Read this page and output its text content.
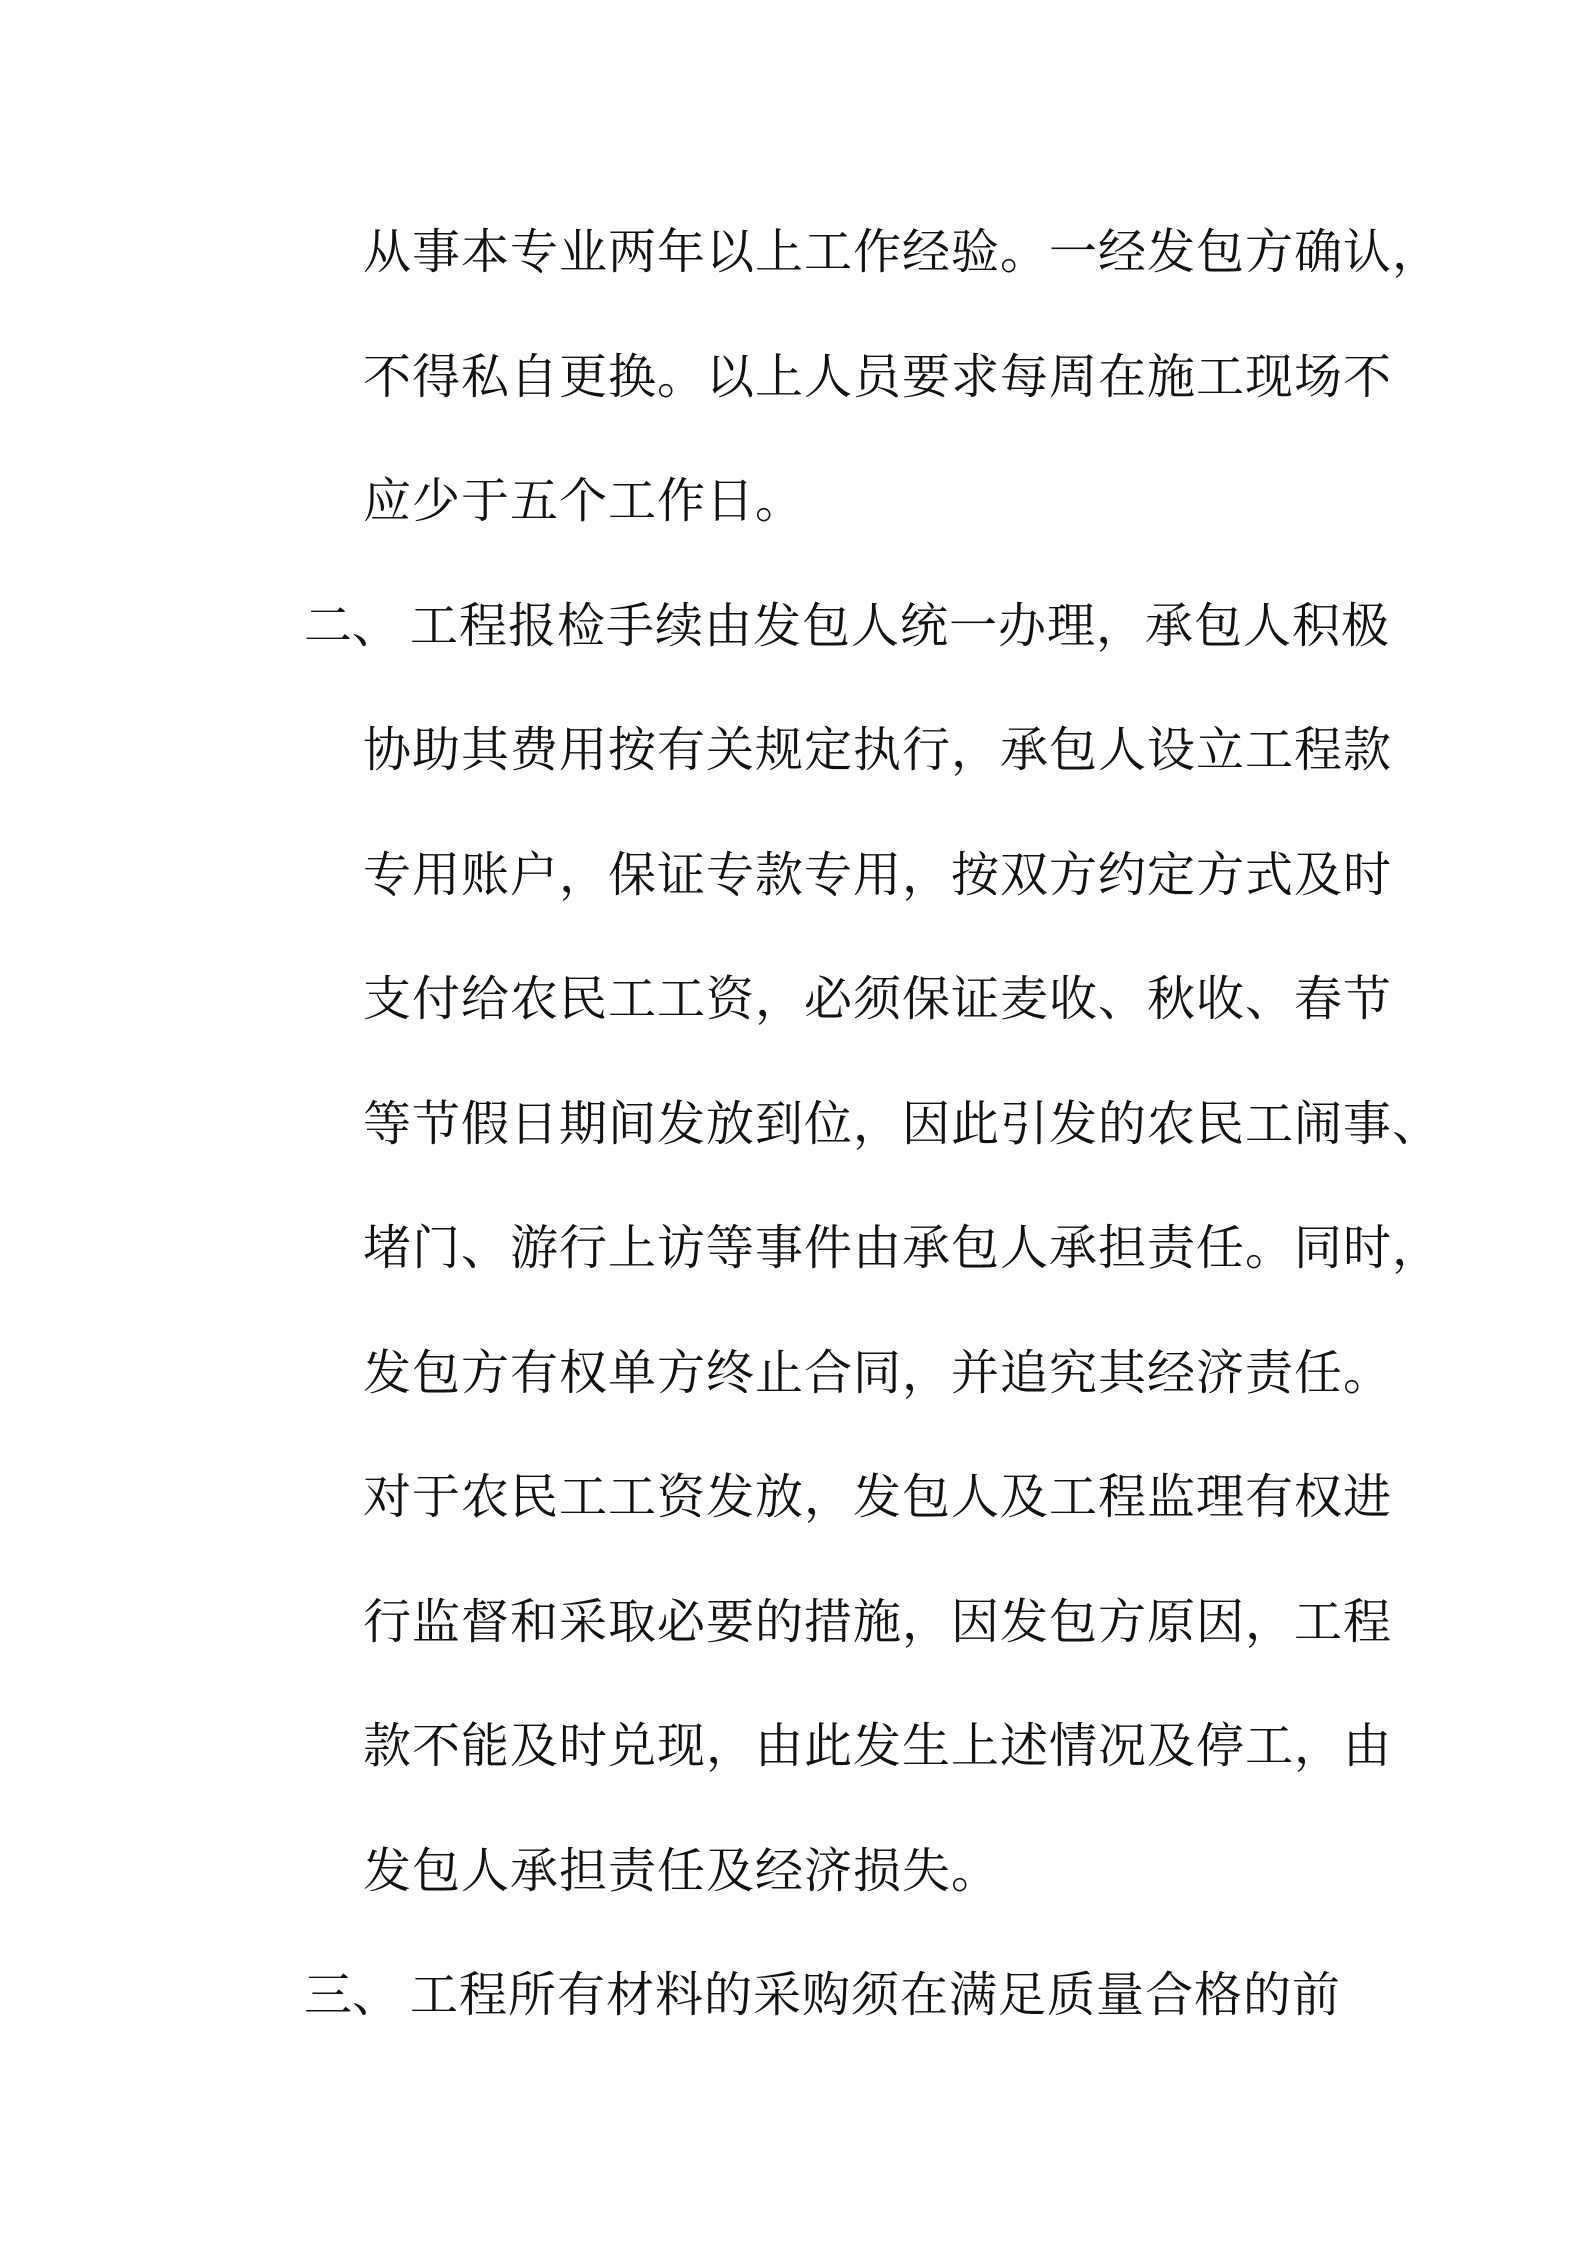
从事本专业两年以上工作经验。一经发包方确认，
不得私自更换。以上人员要求每周在施工现场不
应少于五个工作日。
二、 工程报检手续由发包人统一办理，承包人积极
协助其费用按有关规定执行，承包人设立工程款
专用账户，保证专款专用，按双方约定方式及时
支付给农民工工资，必须保证麦收、秋收、春节
等节假日期间发放到位，因此引发的农民工闹事、
堵门、游行上访等事件由承包人承担责任。同时，
发包方有权单方终止合同，并追究其经济责任。
对于农民工工资发放，发包人及工程监理有权进
行监督和采取必要的措施，因发包方原因，工程
款不能及时兑现，由此发生上述情况及停工，由
发包人承担责任及经济损失。
三、 工程所有材料的采购须在满足质量合格的前
